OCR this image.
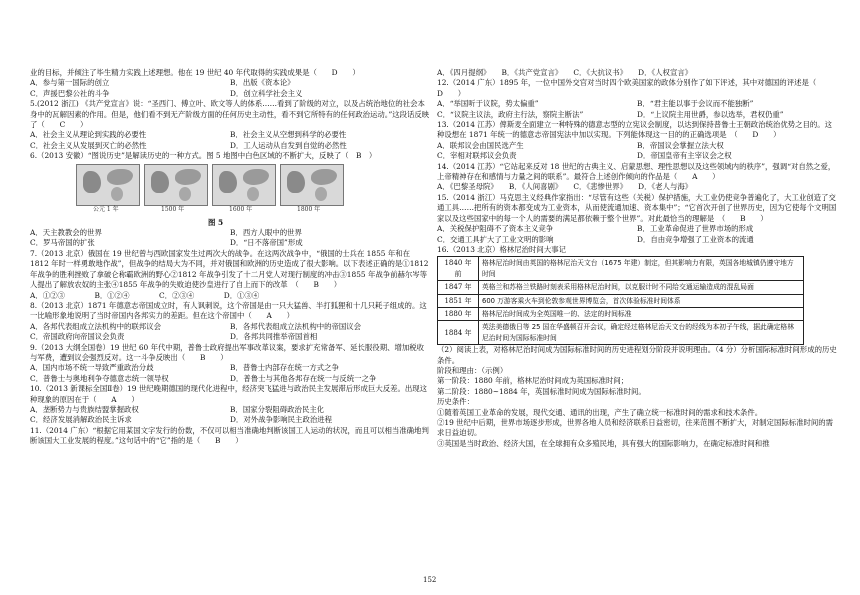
业的目标，并倾注了毕生精力实践上述理想。他在 19 世纪 40 年代取得的实践成果是（　　D　　）

A．参与第一国际的创立	B．出版《资本论》
C．声援巴黎公社的斗争	D．创立科学社会主义

5.(2012 浙江) 《共产党宣言》说：“圣西门、傅立叶、欧文等人的体系……看到了阶级的对立，以及占统治地位的社会本身中的瓦解因素的作用。但是，他们看不到无产阶级方面的任何历史主动性，看不到它所特有的任何政治运动。”这段话反映了（　　C　　）

A．社会主义从理论到实践的必要性	B．社会主义从空想到科学的必要性
C．社会主义从发展到灭亡的必然性	D．工人运动从自发到自觉的必然性

6.（2013 安徽）“图说历史”是解读历史的一种方式。图 5 地图中白色区域的不断扩大，反映了（　B　）

公元 1 年	1500 年	1600 年	1800 年

图 5

A．天主教教会的世界	B．西方人眼中的世界
C．罗马帝国的扩张	D．“日不落帝国”形成

7.（2013 北京）俄国在 19 世纪曾与西欧国家发生过两次大的战争。在这两次战争中，“俄国的士兵在 1855 年和在 1812 年时一样勇敢地作战”，但战争的结局大为不同，并对俄国和欧洲的历史造成了很大影响。以下表述正确的是①1812 年战争的胜利挫败了拿破仑称霸欧洲的野心②1812 年战争引发了十二月党人对现行制度的冲击③1855 年战争前赫尔岑等人提出了解放农奴的主张④1855 年战争的失败迫使沙皇进行了自上而下的改革　（　　B　　）

A．①②③　　　　B．①②④　　　　C．②③④　　　　D．①③④

8.（2013 北京）1871 年德意志帝国成立时，有人讽刺说，这个帝国是由一只大猛兽、半打狐狸和十几只耗子组成的。这一比喻形象地说明了当时帝国内各邦实力的差距。但在这个帝国中（　　A　　）

A．各邦代表组成立法机构中的联邦议会	B．各邦代表组成立法机构中的帝国议会
C．帝国政府向帝国议会负责	D．各邦共同推举帝国首相

9.（2013 大纲全国卷）19 世纪 60 年代中期，普鲁士政府提出军事改革议案，要求扩充常备军、延长服役期、增加税收与军费，遭到议会强烈反对。这一斗争反映出（　　B　　）

A．国内市场不统一导致严重政治分歧	B．普鲁士内部存在统一方式之争
C．普鲁士与奥地利争夺德意志统一领导权	D．普鲁士与其他各邦存在统一与反统一之争

10.（2013 新课标全国Ⅱ卷）19 世纪晚期德国的现代化进程中，经济突飞猛进与政治民主发展滞后形成巨大反差。出现这种现象的原因在于（　　A　　）

A．垄断势力与贵族结盟掌握政权	B．国家分裂阻碍政治民主化
C．经济发展消解政治民主诉求	D．对外战争影响民主政治进程

11.（2014 广东）“根据它用某国文字发行的份数，不仅可以相当准确地判断该国工人运动的状况，而且可以相当准确地判断该国大工业发展的程度。”这句话中的“它”指的是（　　B　　）

A．《四月提纲》　　B．《共产党宣言》　　C．《大抗议书》　　D．《人权宣言》

12.（2014 广东）1895 年，一位中国外交官对当时四个欧美国家的政体分别作了如下评述，其中对德国的评述是（　　D　　）

A．“举国听于议院，势太偏重”	B．“君主能以事于会议而不能独断”
C．“议院主议法，政府主行法，察院主断法”	D．“上议院主用世爵，参以选举，君权仍重”

13.（2014 江苏）俾斯麦全面建立一种特殊的德意志型的立宪议会制度，以达到保持普鲁士王朝政治统治优势之目的。这种设想在 1871 年统一的德意志帝国宪法中加以实现。下列能体现这一目的的正确选项是　（　　D　　）

A．联邦议会由国民选产生	B．帝国议会掌握立法大权
C．宰相对联邦议会负责	D．帝国皇帝有主宰议会之权

14.（2014 江苏）“它站起来反对 18 世纪的古典主义、启蒙思想、理性思想以及这些领域内的秩序”，强调“对自然之爱，上帝精神存在和感情与力量之间的联系”。最符合上述创作倾向的作品是（　　A　　）

A．《巴黎圣母院》　　B．《人间喜剧》　　C．《悲惨世界》　　D．《老人与海》

15.（2014 浙江）马克思主义经典作家指出：“尽管有这些（关税）保护措施，大工业仍使竞争普遍化了，大工业创造了交通工具……把所有的资本都变成为工业资本，从而使流通加速、资本集中”；“它首次开创了世界历史，因为它使每个文明国家以及这些国家中的每一个人的需要的满足都依赖于整个世界”。对此最恰当的理解是　（　　B　　）

A．关税保护阻碍不了资本主义竞争	B．工业革命促进了世界市场的形成
C．交通工具扩大了工业文明的影响	D．自由竞争增强了工业资本的流通

16.（2013 北京）格林尼治时间大事记

1840 年前	格林尼治时间由英国的格林尼治天文台（1675 年建）制定，但其影响力有限，英国各地城镇仍遵守地方时间
1847 年	英格兰和苏格兰铁路时刻表采用格林尼治时间，以克服计时不同给交通运输造成的混乱局面
1851 年	600 万游客乘火车到伦敦参观世界博览会，首次体验标准时间体系
1880 年	格林尼治时间成为全英国唯一的、法定的时间标准
1884 年	英法美德俄日等 25 国在华盛顿召开会议，确定经过格林尼治天文台的经线为本初子午线，据此确定格林尼治时间为国际标准时间

（2）阅读上表，对格林尼治时间成为国际标准时间的历史进程划分阶段并说明理由。（4 分）分析国际标准时间形成的历史条件。

阶段和理由：（示例）

第一阶段：1880 年前，格林尼治时间成为英国标准时间；

第二阶段：1880~1884 年，英国标准时间成为国际标准时间。

历史条件：

①随着英国工业革命的发展，现代交通、通讯的出现，产生了确立统一标准时间的需求和技术条件。

②19 世纪中后期，世界市场逐步形成，世界各地人员和经济联系日益密切，往来范围不断扩大，对制定国际标准时间的需求日益迫切。

③英国是当时政治、经济大国，在全球拥有众多殖民地，具有强大的国际影响力，在确定标准时间和推

152
